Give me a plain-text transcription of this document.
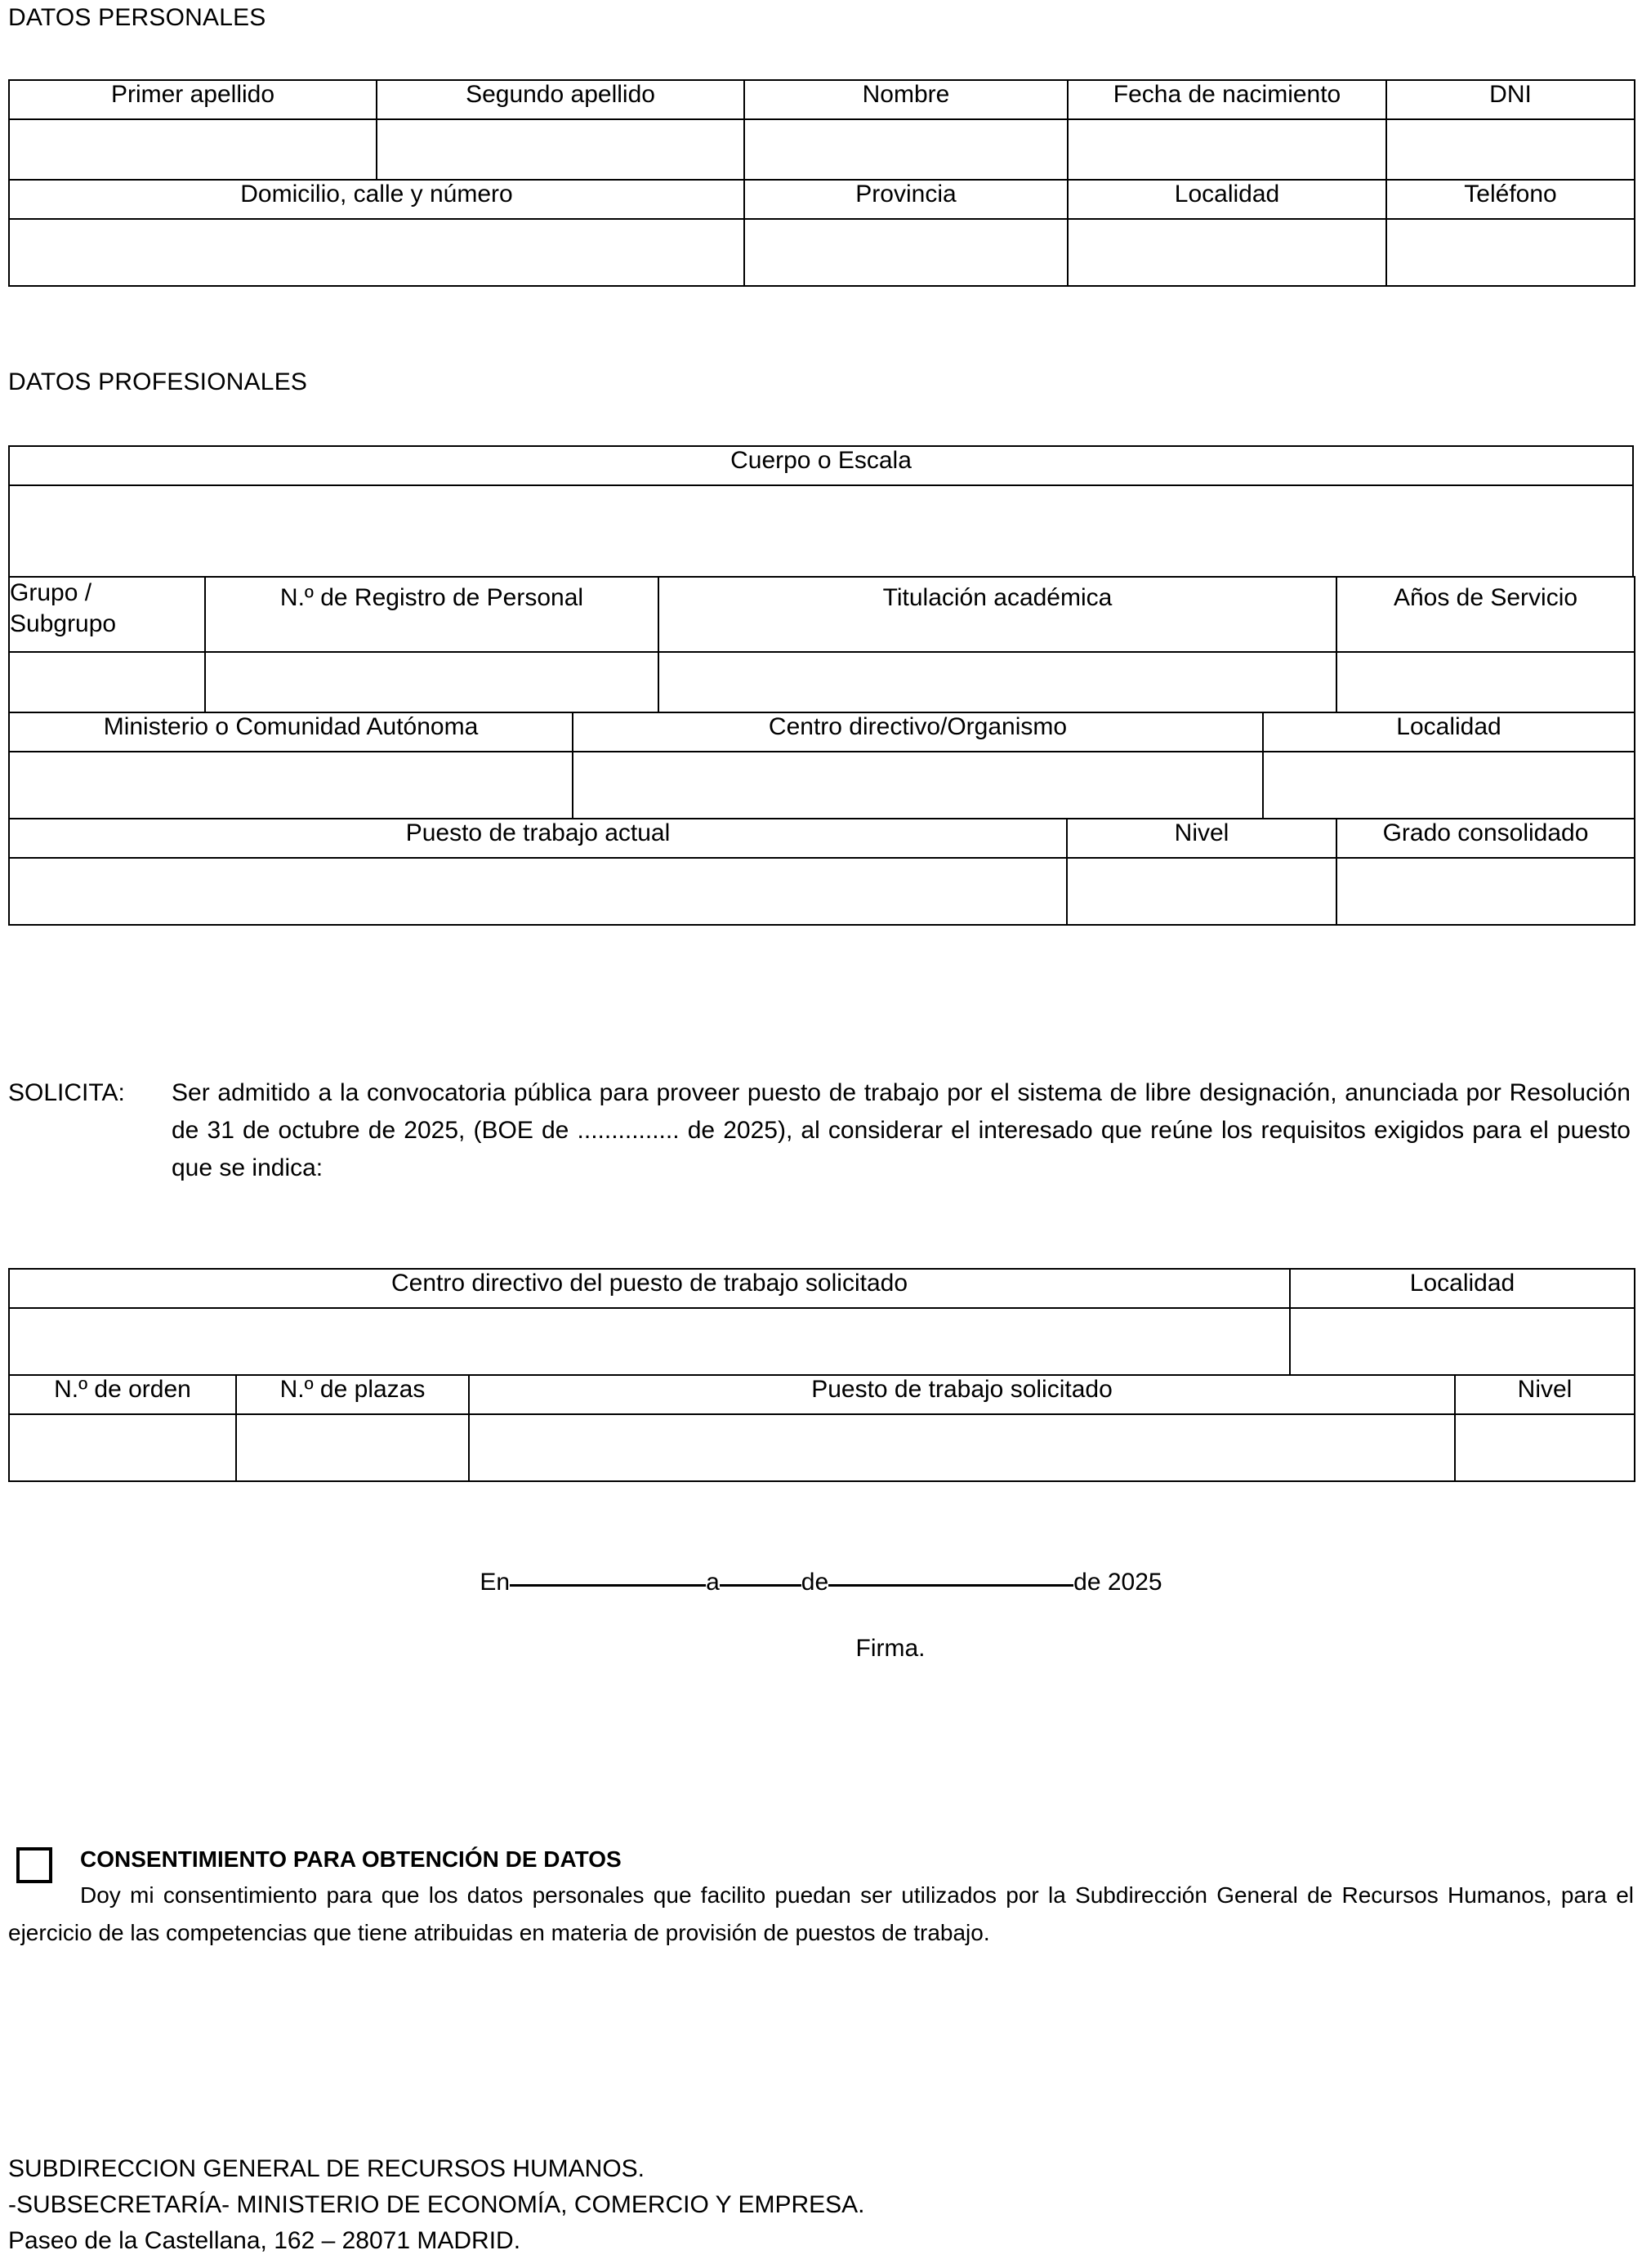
DATOS PERSONALES
Primer apellido	Segundo apellido	Nombre	Fecha de nacimiento	DNI

Domicilio, calle y número	Provincia	Localidad	Teléfono

DATOS PROFESIONALES
Cuerpo o Escala

Grupo / Subgrupo	N.º de Registro de Personal	Titulación académica	Años de Servicio

Ministerio o Comunidad Autónoma	Centro directivo/Organismo	Localidad

Puesto de trabajo actual	Nivel	Grado consolidado

SOLICITA:	Ser admitido a la convocatoria pública para proveer puesto de trabajo por el sistema de libre designación, anunciada por Resolución de 31 de octubre de 2025, (BOE de ............... de 2025), al considerar el interesado que reúne los requisitos exigidos para el puesto que se indica:
Centro directivo del puesto de trabajo solicitado	Localidad

N.º de orden	N.º de plazas	Puesto de trabajo solicitado	Nivel

En	a	de	de 2025
Firma.
CONSENTIMIENTO PARA OBTENCIÓN DE DATOS
Doy mi consentimiento para que los datos personales que facilito puedan ser utilizados por la Subdirección General de Recursos Humanos, para el ejercicio de las competencias que tiene atribuidas en materia de provisión de puestos de trabajo.
SUBDIRECCION GENERAL DE RECURSOS HUMANOS.
-SUBSECRETARÍA- MINISTERIO DE ECONOMÍA, COMERCIO Y EMPRESA.
Paseo de la Castellana, 162 – 28071 MADRID.
